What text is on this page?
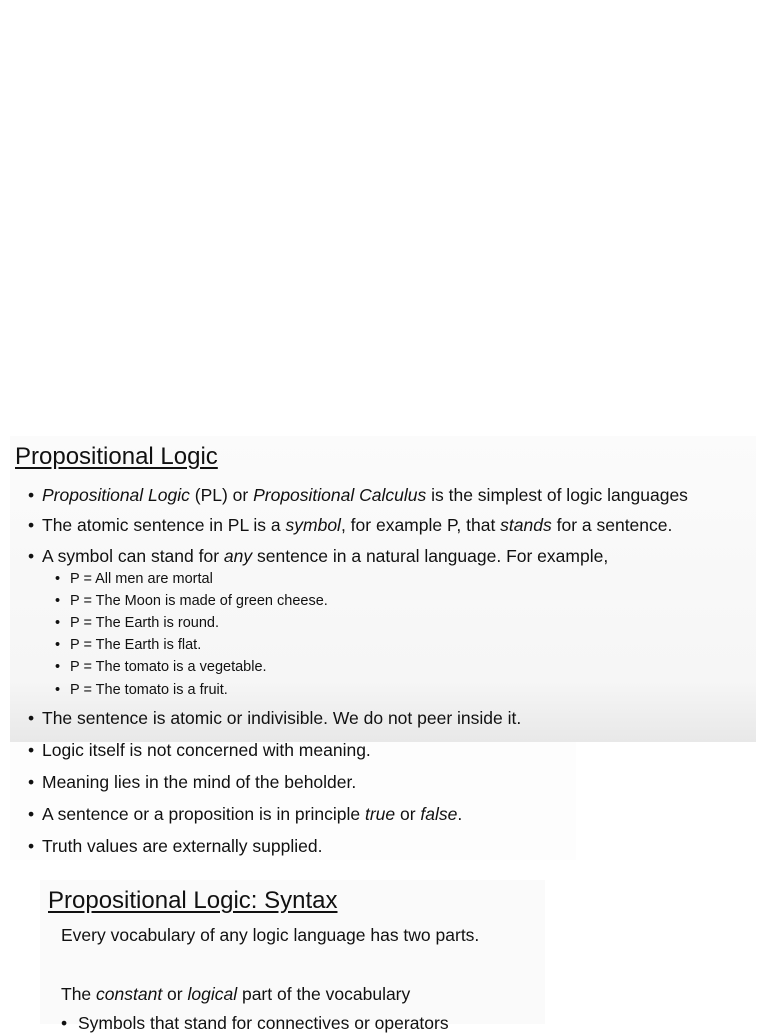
Propositional Logic
• Propositional Logic (PL) or Propositional Calculus is the simplest of logic languages
• The atomic sentence in PL is a symbol, for example P, that stands for a sentence.
• A symbol can stand for any sentence in a natural language. For example,
• P = All men are mortal
• P = The Moon is made of green cheese.
• P = The Earth is round.
• P = The Earth is flat.
• P = The tomato is a vegetable.
• P = The tomato is a fruit.
• The sentence is atomic or indivisible. We do not peer inside it.
• Logic itself is not concerned with meaning.
• Meaning lies in the mind of the beholder.
• A sentence or a proposition is in principle true or false.
• Truth values are externally supplied.
Propositional Logic: Syntax
Every vocabulary of any logic language has two parts.
The constant or logical part of the vocabulary
• Symbols that stand for connectives or operators
